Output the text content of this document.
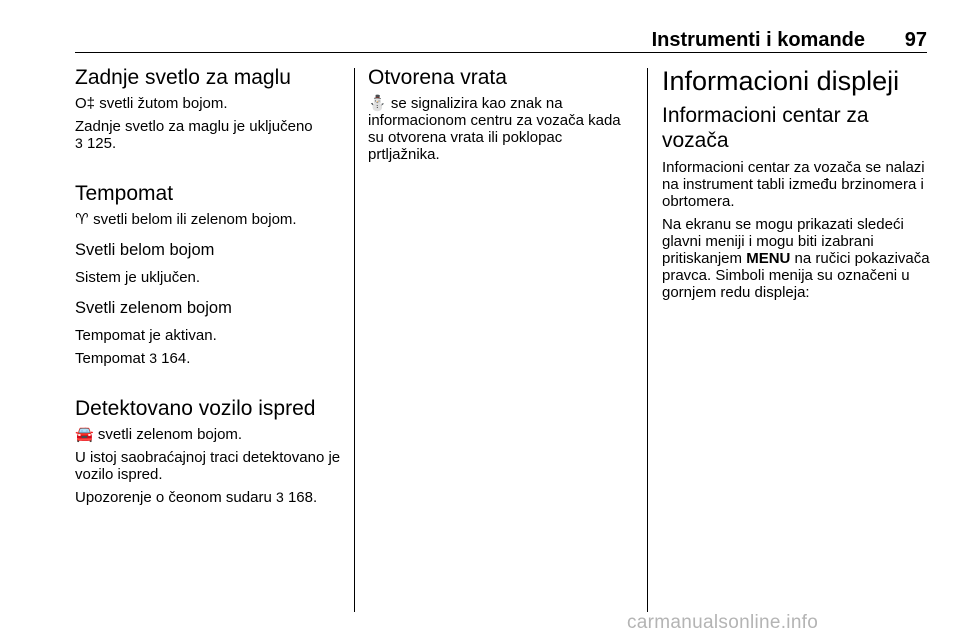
Instrumenti i komande 97
Zadnje svetlo za maglu

O‡ svetli žutom bojom.

Zadnje svetlo za maglu je uključeno
3 125.

Tempomat

♈ svetli belom ili zelenom bojom.

Svetli belom bojom

Sistem je uključen.

Svetli zelenom bojom

Tempomat je aktivan.

Tempomat 3 164.

Detektovano vozilo ispred

🚘 svetli zelenom bojom.

U istoj saobraćajnoj traci detektovano je vozilo ispred.

Upozorenje o čeonom sudaru 3 168.

Otvorena vrata

⛄ se signalizira kao znak na informacionom centru za vozača kada su otvorena vrata ili poklopac prtljažnika.

Informacioni displeji
Informacioni centar za vozača

Informacioni centar za vozača se nalazi na instrument tabli između brzinomera i obrtomera.

Na ekranu se mogu prikazati sledeći glavni meniji i mogu biti izabrani pritiskanjem MENU na ručici pokazivača pravca. Simboli menija su označeni u gornjem redu displeja:

carmanualsonline.info
